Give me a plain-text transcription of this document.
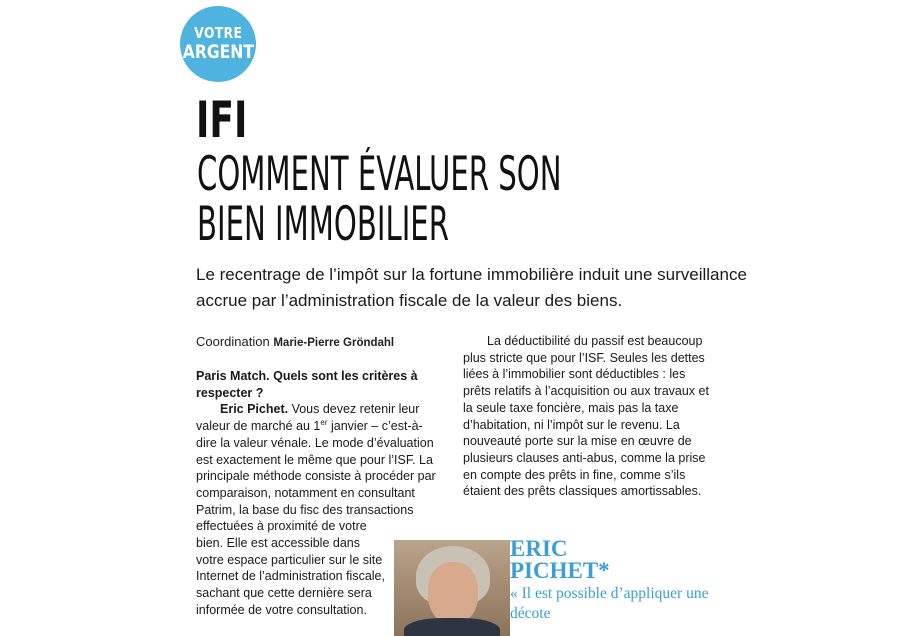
VOTRE
ARGENT
IFI
COMMENT ÉVALUER SON
BIEN IMMOBILIER
Le recentrage de l’impôt sur la fortune immobilière induit une surveillance accrue par l’administration fiscale de la valeur des biens.
Coordination Marie-Pierre Gröndahl

Paris Match. Quels sont les critères à respecter ?

Eric Pichet. Vous devez retenir leur valeur de marché au 1er janvier – c’est-à-dire la valeur vénale. Le mode d’évaluation est exactement le même que pour l’ISF. La principale méthode consiste à procéder par comparaison, notamment en consultant Patrim, la base du fisc des transactions effectuées à proximité de votre

bien. Elle est accessible dans votre espace particulier sur le site Internet de l’administration fiscale, sachant que cette dernière sera informée de votre consultation.

La déductibilité du passif est beaucoup plus stricte que pour l’ISF. Seules les dettes liées à l’immobilier sont déductibles : les prêts relatifs à l’acquisition ou aux travaux et la seule taxe foncière, mais pas la taxe d’habitation, ni l’impôt sur le revenu. La nouveauté porte sur la mise en œuvre de plusieurs clauses anti-abus, comme la prise en compte des prêts in fine, comme s’ils étaient des prêts classiques amortissables.

ERIC
PICHET*
« Il est possible d’appliquer une décote
